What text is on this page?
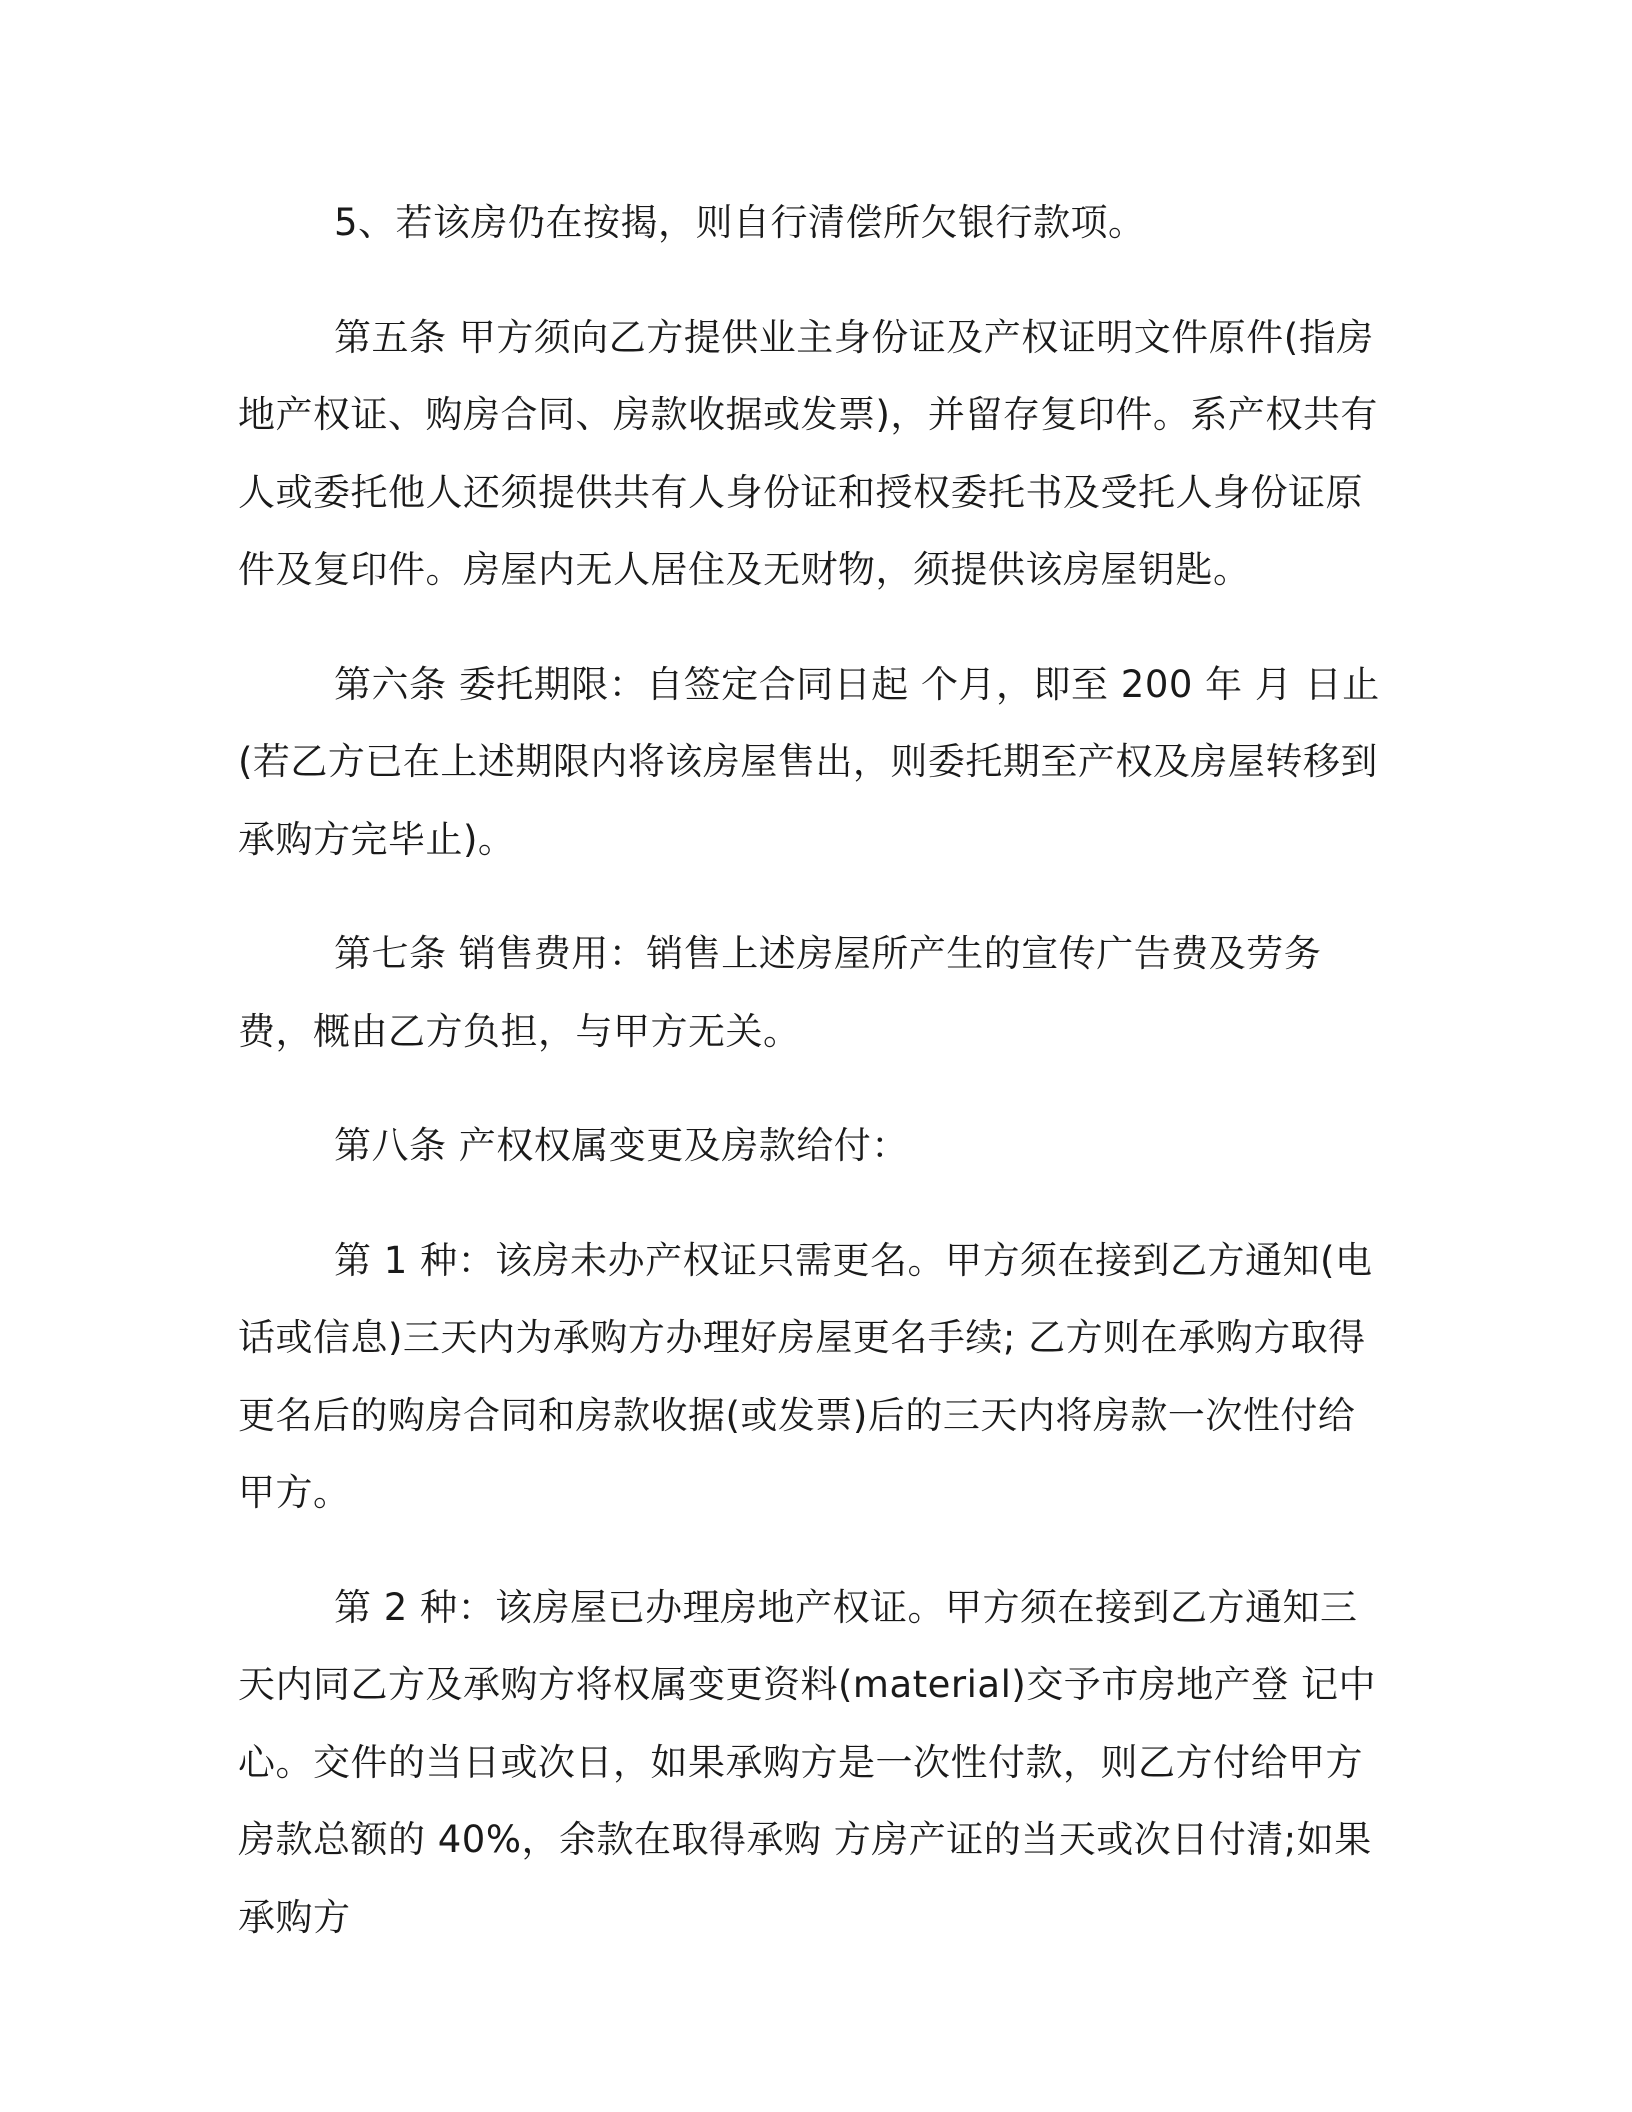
5、若该房仍在按揭，则自行清偿所欠银行款项。

第五条 甲方须向乙方提供业主身份证及产权证明文件原件(指房地产权证、购房合同、房款收据或发票)，并留存复印件。系产权共有人或委托他人还须提供共有人身份证和授权委托书及受托人身份证原件及复印件。房屋内无人居住及无财物，须提供该房屋钥匙。

第六条 委托期限：自签定合同日起 个月，即至 200 年 月 日止(若乙方已在上述期限内将该房屋售出，则委托期至产权及房屋转移到承购方完毕止)。

第七条 销售费用：销售上述房屋所产生的宣传广告费及劳务费，概由乙方负担，与甲方无关。

第八条 产权权属变更及房款给付：

第 1 种：该房未办产权证只需更名。甲方须在接到乙方通知(电话或信息)三天内为承购方办理好房屋更名手续; 乙方则在承购方取得更名后的购房合同和房款收据(或发票)后的三天内将房款一次性付给甲方。

第 2 种：该房屋已办理房地产权证。甲方须在接到乙方通知三天内同乙方及承购方将权属变更资料(material)交予市房地产登 记中心。交件的当日或次日，如果承购方是一次性付款，则乙方付给甲方房款总额的 40%，余款在取得承购 方房产证的当天或次日付清;如果承购方
